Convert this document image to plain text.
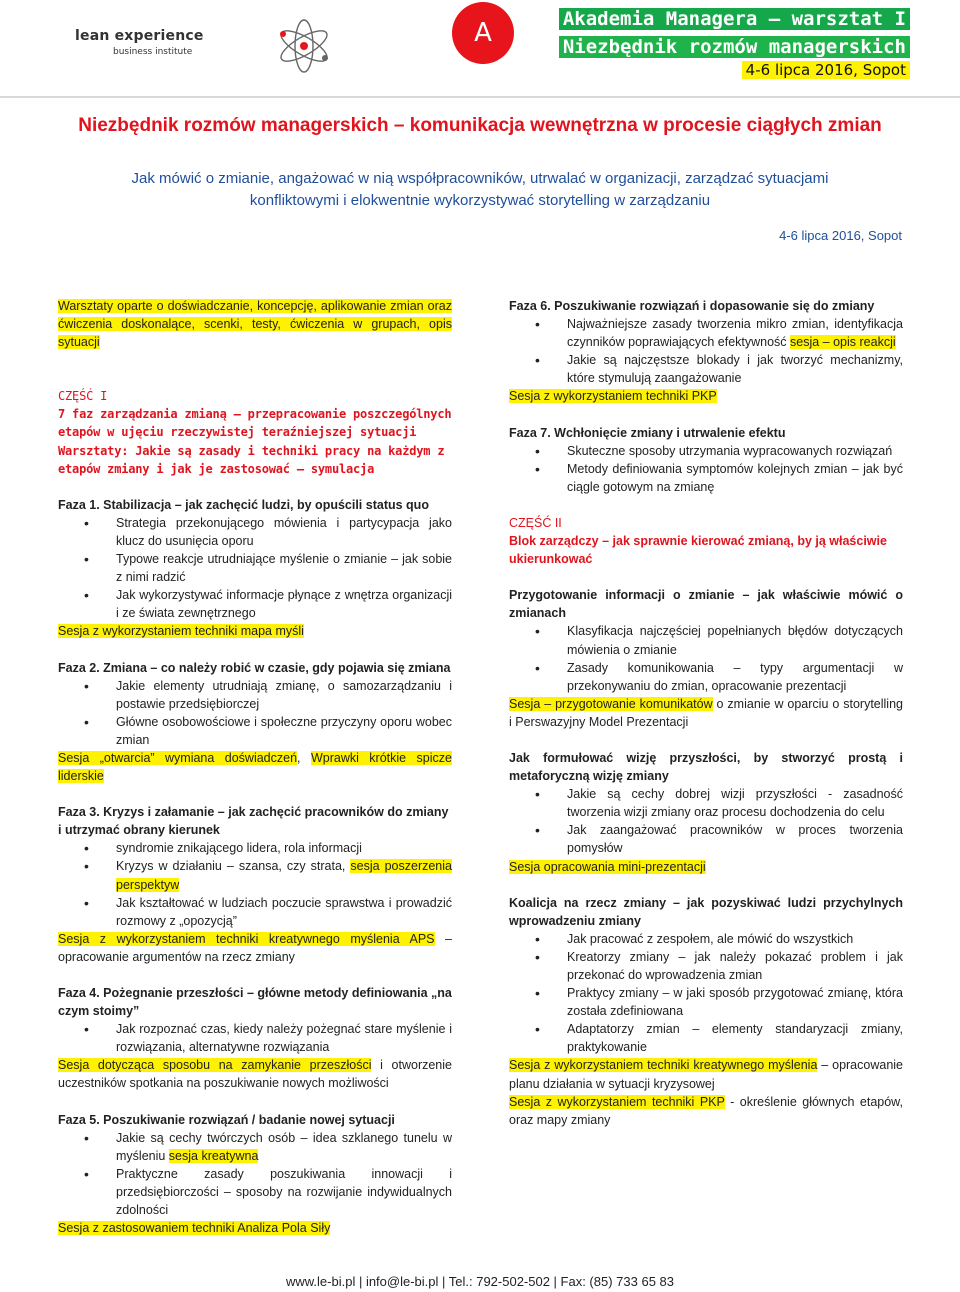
lean experience
business institute
A	Akademia Managera – warsztat I
Niezbędnik rozmów managerskich
4-6 lipca 2016, Sopot
Niezbędnik rozmów managerskich – komunikacja wewnętrzna w procesie ciągłych zmian
Jak mówić o zmianie, angażować w nią współpracowników, utrwalać w organizacji, zarządzać sytuacjami
konfliktowymi i elokwentnie wykorzystywać storytelling w zarządzaniu
4-6 lipca 2016, Sopot
Warsztaty oparte o doświadczanie, koncepcję, aplikowanie zmian oraz ćwiczenia doskonalące, scenki, testy, ćwiczenia w grupach, opis sytuacji
CZĘŚĆ I
7 faz zarządzania zmianą – przepracowanie poszczególnych etapów w ujęciu rzeczywistej teraźniejszej sytuacji
Warsztaty: Jakie są zasady i techniki pracy na każdym z etapów zmiany i jak je zastosować – symulacja
Faza 1. Stabilizacja – jak zachęcić ludzi, by opuścili status quo
• Strategia przekonującego mówienia i partycypacja jako klucz do usunięcia oporu
• Typowe reakcje utrudniające myślenie o zmianie – jak sobie z nimi radzić
• Jak wykorzystywać informacje płynące z wnętrza organizacji i ze świata zewnętrznego
Sesja z wykorzystaniem techniki mapa myśli
Faza 2. Zmiana – co należy robić w czasie, gdy pojawia się zmiana
• Jakie elementy utrudniają zmianę, o samozarządzaniu i postawie przedsiębiorczej
• Główne osobowościowe i społeczne przyczyny oporu wobec zmian
Sesja „otwarcia” wymiana doświadczeń, Wprawki krótkie spicze liderskie
Faza 3. Kryzys i załamanie – jak zachęcić pracowników do zmiany i utrzymać obrany kierunek
• syndromie znikającego lidera, rola informacji
• Kryzys w działaniu – szansa, czy strata, sesja poszerzenia perspektyw
• Jak kształtować w ludziach poczucie sprawstwa i prowadzić rozmowy z „opozycją”
Sesja z wykorzystaniem techniki kreatywnego myślenia APS – opracowanie argumentów na rzecz zmiany
Faza 4. Pożegnanie przeszłości – główne metody definiowania „na czym stoimy”
• Jak rozpoznać czas, kiedy należy pożegnać stare myślenie i rozwiązania, alternatywne rozwiązania
Sesja dotycząca sposobu na zamykanie przeszłości i otworzenie uczestników spotkania na poszukiwanie nowych możliwości
Faza 5. Poszukiwanie rozwiązań / badanie nowej sytuacji
• Jakie są cechy twórczych osób – idea szklanego tunelu w myśleniu sesja kreatywna
• Praktyczne zasady poszukiwania innowacji i przedsiębiorczości – sposoby na rozwijanie indywidualnych zdolności
Sesja z zastosowaniem techniki Analiza Pola Siły
Faza 6. Poszukiwanie rozwiązań i dopasowanie się do zmiany
• Najważniejsze zasady tworzenia mikro zmian, identyfikacja czynników poprawiających efektywność sesja – opis reakcji
• Jakie są najczęstsze blokady i jak tworzyć mechanizmy, które stymulują zaangażowanie
Sesja z wykorzystaniem techniki PKP
Faza 7. Wchłonięcie zmiany i utrwalenie efektu
• Skuteczne sposoby utrzymania wypracowanych rozwiązań
• Metody definiowania symptomów kolejnych zmian – jak być ciągle gotowym na zmianę
CZĘŚĆ II
Blok zarządczy – jak sprawnie kierować zmianą, by ją właściwie ukierunkować
Przygotowanie informacji o zmianie – jak właściwie mówić o zmianach
• Klasyfikacja najczęściej popełnianych błędów dotyczących mówienia o zmianie
• Zasady komunikowania – typy argumentacji w przekonywaniu do zmian, opracowanie prezentacji
Sesja – przygotowanie komunikatów o zmianie w oparciu o storytelling i Perswazyjny Model Prezentacji
Jak formułować wizję przyszłości, by stworzyć prostą i metaforyczną wizję zmiany
• Jakie są cechy dobrej wizji przyszłości - zasadność tworzenia wizji zmiany oraz procesu dochodzenia do celu
• Jak zaangażować pracowników w proces tworzenia pomysłów
Sesja opracowania mini-prezentacji
Koalicja na rzecz zmiany – jak pozyskiwać ludzi przychylnych wprowadzeniu zmiany
• Jak pracować z zespołem, ale mówić do wszystkich
• Kreatorzy zmiany – jak należy pokazać problem i jak przekonać do wprowadzenia zmian
• Praktycy zmiany – w jaki sposób przygotować zmianę, która została zdefiniowana
• Adaptatorzy zmian – elementy standaryzacji zmiany, praktykowanie
Sesja z wykorzystaniem techniki kreatywnego myślenia – opracowanie planu działania w sytuacji kryzysowej
Sesja z wykorzystaniem techniki PKP - określenie głównych etapów, oraz mapy zmiany
www.le-bi.pl | info@le-bi.pl | Tel.: 792-502-502 | Fax: (85) 733 65 83
